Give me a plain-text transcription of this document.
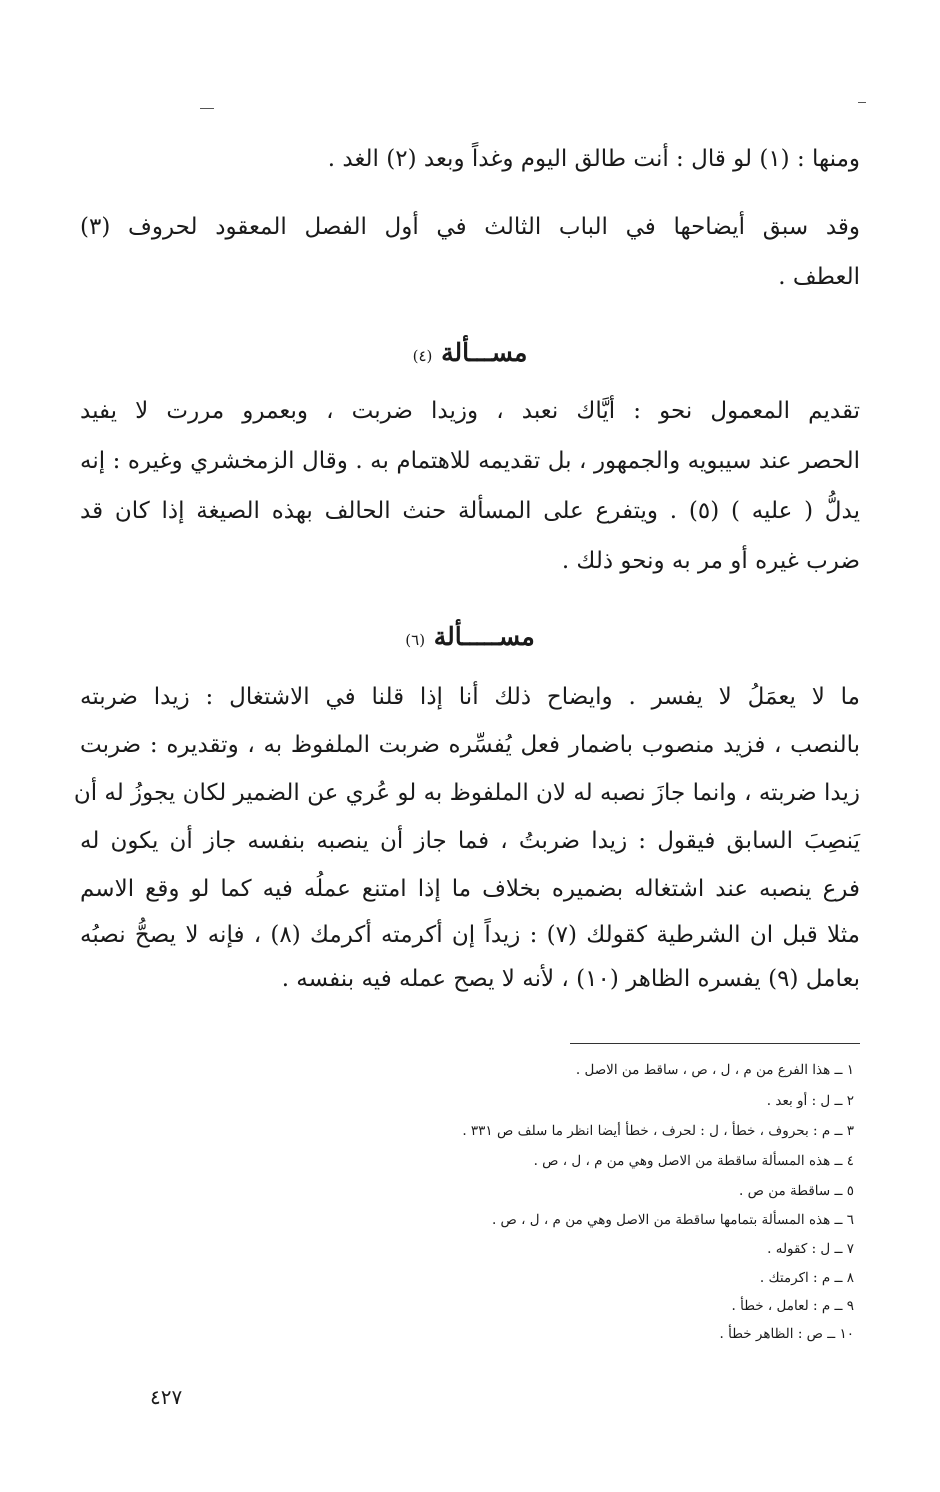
ومنها : (١) لو قال : أنت طالق اليوم وغداً وبعد (٢) الغد .
وقد سبق أيضاحها في الباب الثالث في أول الفصل المعقود لحروف (٣)
العطف .
مســـألة (٤)
تقديم المعمول نحو : أيَّاك نعبد ، وزيدا ضربت ، وبعمرو مررت لا يفيد
الحصر عند سيبويه والجمهور ، بل تقديمه للاهتمام به . وقال الزمخشري وغيره : إنه
يدلُّ ( عليه ) (٥) . ويتفرع على المسألة حنث الحالف بهذه الصيغة إذا كان قد
ضرب غيره أو مر به ونحو ذلك .
مســـــألة (٦)
ما لا يعمَلُ لا يفسر . وايضاح ذلك أنا إذا قلنا في الاشتغال : زيدا ضربته
بالنصب ، فزيد منصوب باضمار فعل يُفسِّره ضربت الملفوظ به ، وتقديره : ضربت
زيدا ضربته ، وانما جازَ نصبه له لان الملفوظ به لو عُري عن الضمير لكان يجوزُ له أن
يَنصِبَ السابق فيقول : زيدا ضربتُ ، فما جاز أن ينصبه بنفسه جاز أن يكون له
فرع ينصبه عند اشتغاله بضميره بخلاف ما إذا امتنع عملُه فيه كما لو وقع الاسم
مثلا قبل ان الشرطية كقولك (٧) : زيداً إن أكرمته أكرمك (٨) ، فإنه لا يصحُّ نصبُه
بعامل (٩) يفسره الظاهر (١٠) ، لأنه لا يصح عمله فيه بنفسه .
١ ــ هذا الفرع من م ، ل ، ص ، ساقط من الاصل .
٢ ــ ل : أو بعد .
٣ ــ م : بحروف ، خطأ ، ل : لحرف ، خطأ أيضا انظر ما سلف ص ٣٣١ .
٤ ــ هذه المسألة ساقطة من الاصل وهي من م ، ل ، ص .
٥ ــ ساقطة من ص .
٦ ــ هذه المسألة بتمامها ساقطة من الاصل وهي من م ، ل ، ص .
٧ ــ ل : كقوله .
٨ ــ م : اكرمتك .
٩ ــ م : لعامل ، خطأ .
١٠ ــ ص : الظاهر خطأ .
٤٢٧
